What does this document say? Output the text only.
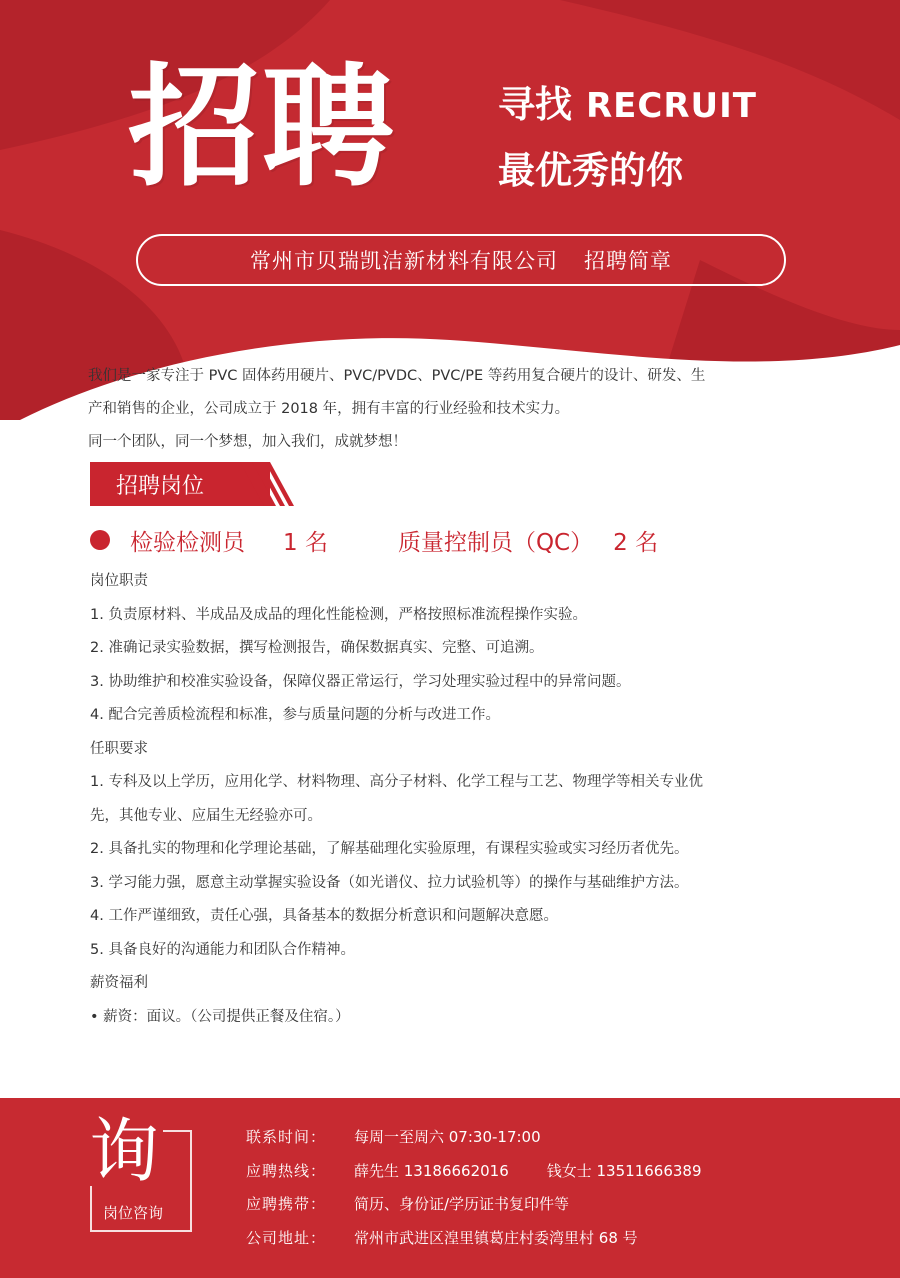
招聘	寻找 RECRUIT
最优秀的你
常州市贝瑞凯洁新材料有限公司 招聘简章

我们是一家专注于 PVC 固体药用硬片、PVC/PVDC、PVC/PE 等药用复合硬片的设计、研发、生

产和销售的企业，公司成立于 2018 年，拥有丰富的行业经验和技术实力。

同一个团队，同一个梦想，加入我们，成就梦想！

招聘岗位
检验检测员 1 名	质量控制员（QC） 2 名

岗位职责

1. 负责原材料、半成品及成品的理化性能检测，严格按照标准流程操作实验。

2. 准确记录实验数据，撰写检测报告，确保数据真实、完整、可追溯。

3. 协助维护和校准实验设备，保障仪器正常运行，学习处理实验过程中的异常问题。

4. 配合完善质检流程和标准，参与质量问题的分析与改进工作。

任职要求

1. 专科及以上学历，应用化学、材料物理、高分子材料、化学工程与工艺、物理学等相关专业优

先，其他专业、应届生无经验亦可。

2. 具备扎实的物理和化学理论基础，了解基础理化实验原理，有课程实验或实习经历者优先。

3. 学习能力强，愿意主动掌握实验设备（如光谱仪、拉力试验机等）的操作与基础维护方法。

4. 工作严谨细致，责任心强，具备基本的数据分析意识和问题解决意愿。

5. 具备良好的沟通能力和团队合作精神。

薪资福利

• 薪资：面议。（公司提供正餐及住宿。）

询
岗位咨询
联系时间：	每周一至周六 07:30-17:00
应聘热线：	薛先生 13186662016	钱女士 13511666389
应聘携带：	简历、身份证/学历证书复印件等
公司地址：	常州市武进区湟里镇葛庄村委湾里村 68 号
